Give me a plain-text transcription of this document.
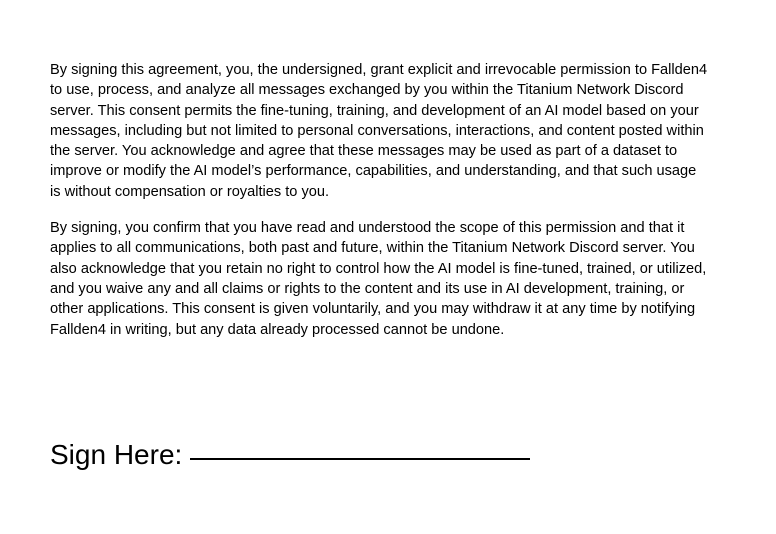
By signing this agreement, you, the undersigned, grant explicit and irrevocable permission to Fallden4 to use, process, and analyze all messages exchanged by you within the Titanium Network Discord server. This consent permits the fine-tuning, training, and development of an AI model based on your messages, including but not limited to personal conversations, interactions, and content posted within the server. You acknowledge and agree that these messages may be used as part of a dataset to improve or modify the AI model’s performance, capabilities, and understanding, and that such usage is without compensation or royalties to you.

By signing, you confirm that you have read and understood the scope of this permission and that it applies to all communications, both past and future, within the Titanium Network Discord server. You also acknowledge that you retain no right to control how the AI model is fine-tuned, trained, or utilized, and you waive any and all claims or rights to the content and its use in AI development, training, or other applications. This consent is given voluntarily, and you may withdraw it at any time by notifying Fallden4 in writing, but any data already processed cannot be undone.

Sign Here:
